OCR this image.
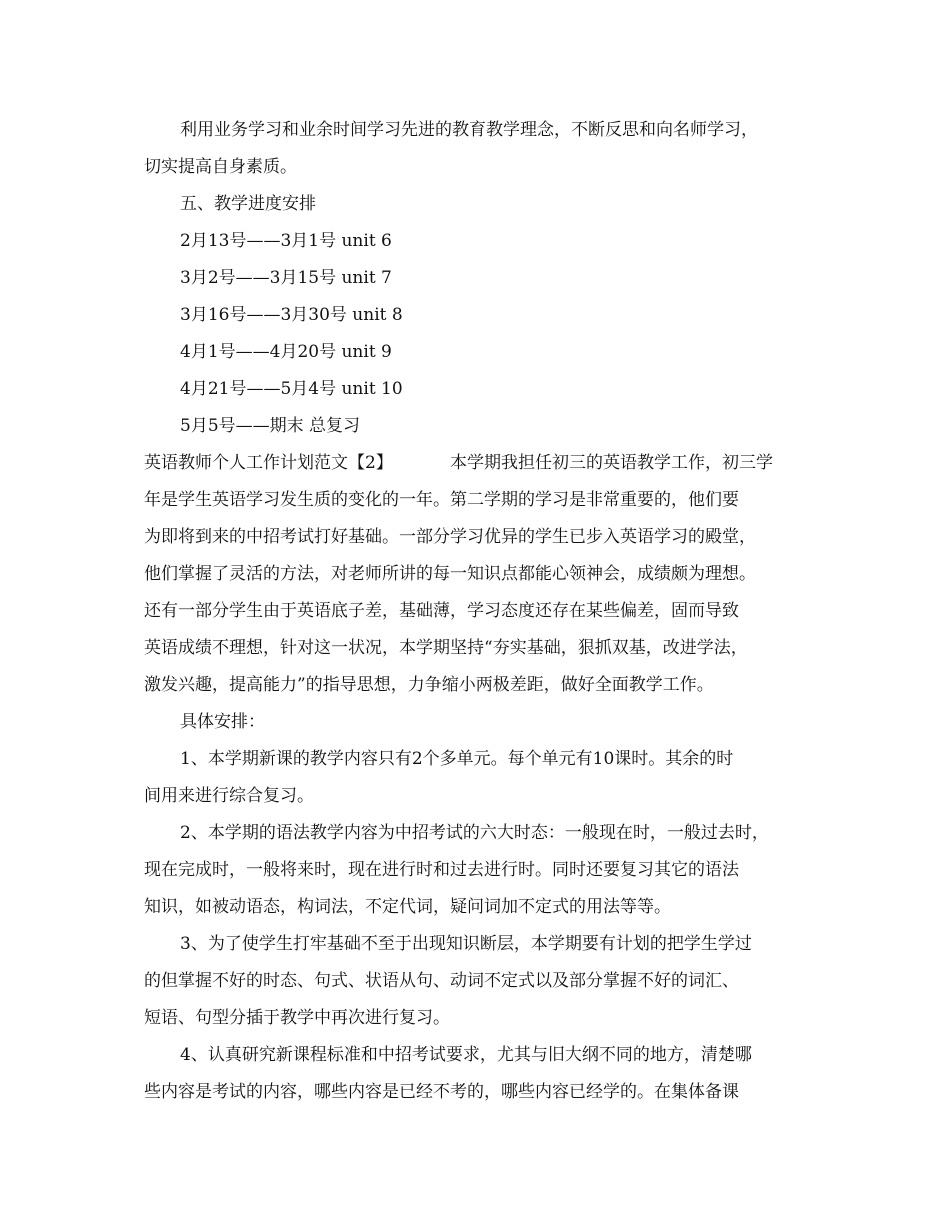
利用业务学习和业余时间学习先进的教育教学理念，不断反思和向名师学习，
切实提高自身素质。
五、教学进度安排
2月13号——3月1号 unit 6
3月2号——3月15号 unit 7
3月16号——3月30号 unit 8
4月1号——4月20号 unit 9
4月21号——5月4号 unit 10
5月5号——期末 总复习
英语教师个人工作计划范文【2】	本学期我担任初三的英语教学工作，初三学
年是学生英语学习发生质的变化的一年。第二学期的学习是非常重要的，他们要
为即将到来的中招考试打好基础。一部分学习优异的学生已步入英语学习的殿堂，
他们掌握了灵活的方法，对老师所讲的每一知识点都能心领神会，成绩颇为理想。
还有一部分学生由于英语底子差，基础薄，学习态度还存在某些偏差，固而导致
英语成绩不理想，针对这一状况，本学期坚持“夯实基础，狠抓双基，改进学法，
激发兴趣，提高能力”的指导思想，力争缩小两极差距，做好全面教学工作。
具体安排：
1、本学期新课的教学内容只有2个多单元。每个单元有10课时。其余的时
间用来进行综合复习。
2、本学期的语法教学内容为中招考试的六大时态：一般现在时，一般过去时，
现在完成时，一般将来时，现在进行时和过去进行时。同时还要复习其它的语法
知识，如被动语态，构词法，不定代词，疑问词加不定式的用法等等。
3、为了使学生打牢基础不至于出现知识断层，本学期要有计划的把学生学过
的但掌握不好的时态、句式、状语从句、动词不定式以及部分掌握不好的词汇、
短语、句型分插于教学中再次进行复习。
4、认真研究新课程标准和中招考试要求，尤其与旧大纲不同的地方，清楚哪
些内容是考试的内容，哪些内容是已经不考的，哪些内容已经学的。在集体备课
